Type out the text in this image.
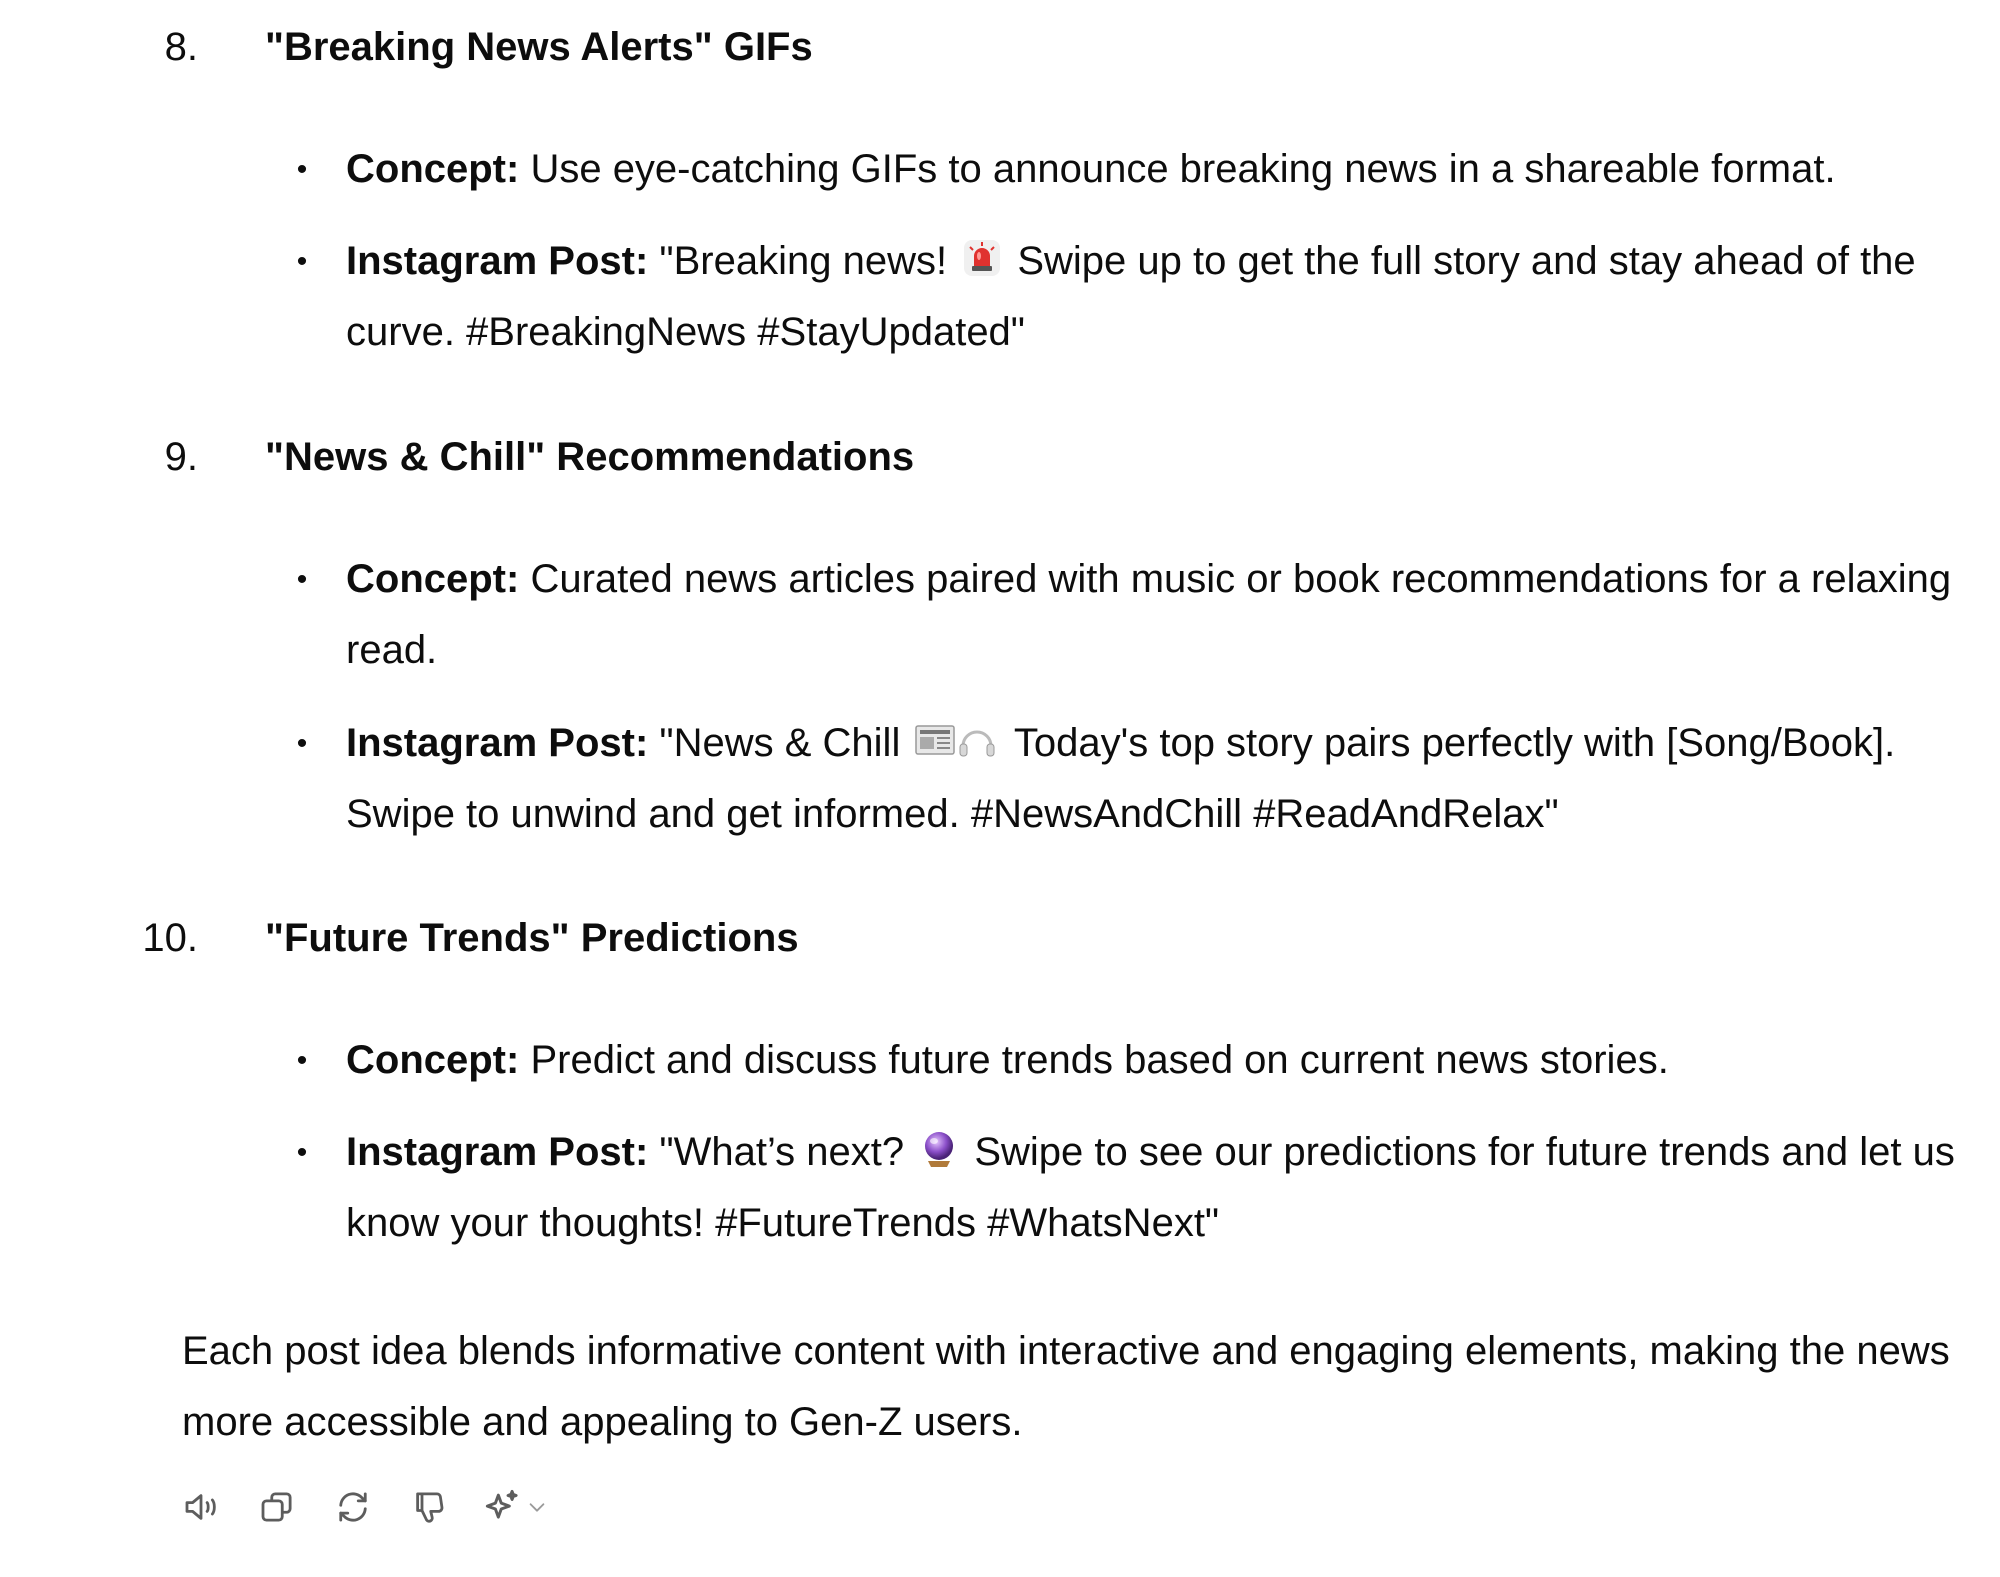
8. "Breaking News Alerts" GIFs
• Concept: Use eye-catching GIFs to announce breaking news in a shareable format.
• Instagram Post: "Breaking news!  Swipe up to get the full story and stay ahead of the curve. #BreakingNews #StayUpdated"
9. "News & Chill" Recommendations
• Concept: Curated news articles paired with music or book recommendations for a relaxing read.
• Instagram Post: "News & Chill  Today's top story pairs perfectly with [Song/Book]. Swipe to unwind and get informed. #NewsAndChill #ReadAndRelax"
10. "Future Trends" Predictions
• Concept: Predict and discuss future trends based on current news stories.
• Instagram Post: "What’s next?  Swipe to see our predictions for future trends and let us know your thoughts! #FutureTrends #WhatsNext"
Each post idea blends informative content with interactive and engaging elements, making the news more accessible and appealing to Gen-Z users.
